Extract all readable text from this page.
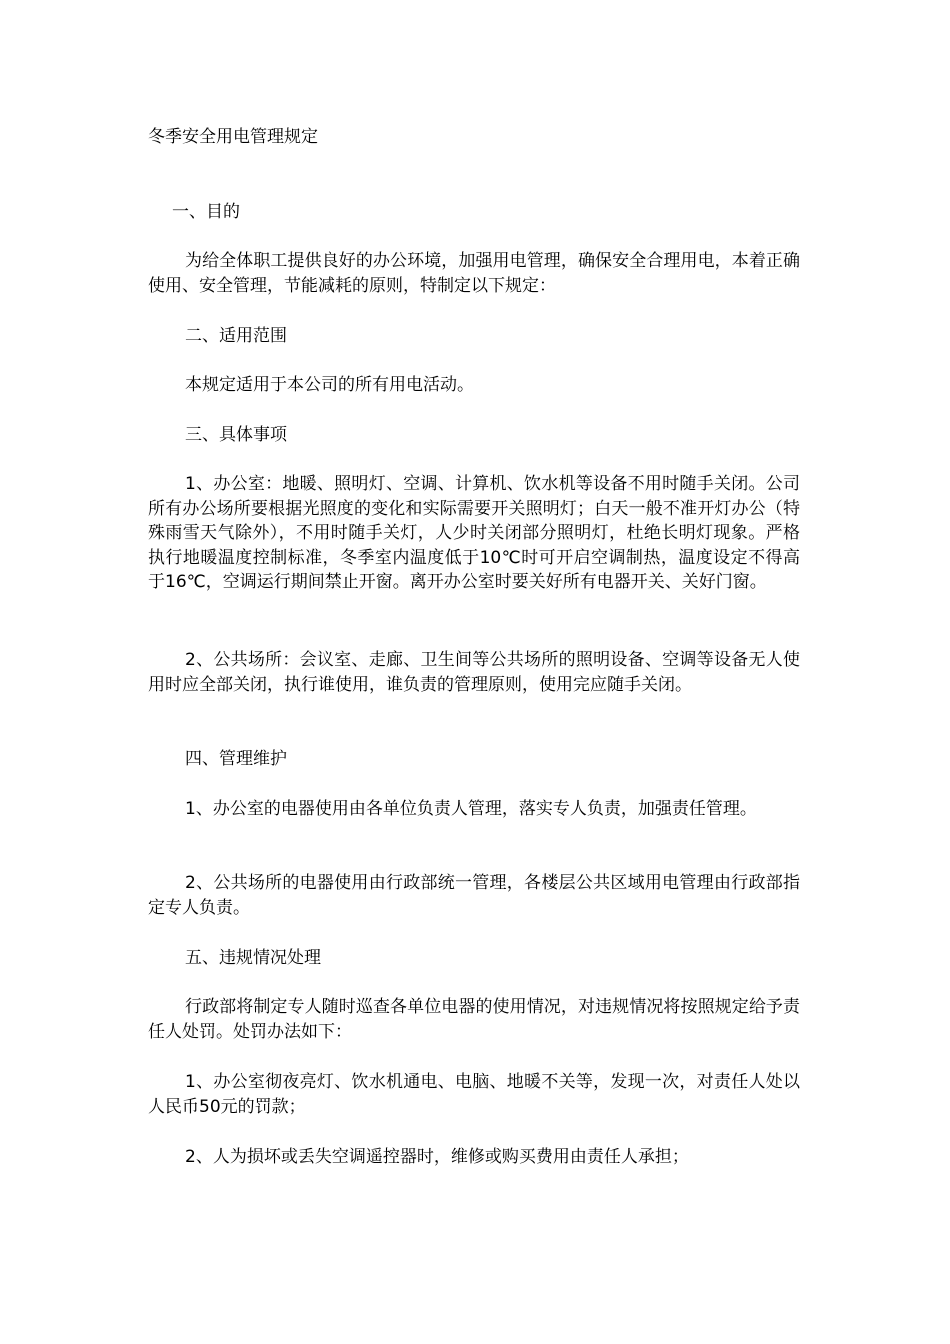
冬季安全用电管理规定
一、目的
为给全体职工提供良好的办公环境，加强用电管理，确保安全合理用电，本着正确使用、安全管理，节能减耗的原则，特制定以下规定：
二、适用范围
本规定适用于本公司的所有用电活动。
三、具体事项
1、办公室：地暖、照明灯、空调、计算机、饮水机等设备不用时随手关闭。公司所有办公场所要根据光照度的变化和实际需要开关照明灯；白天一般不准开灯办公（特殊雨雪天气除外），不用时随手关灯，人少时关闭部分照明灯，杜绝长明灯现象。严格执行地暖温度控制标准，冬季室内温度低于10℃时可开启空调制热，温度设定不得高于16℃，空调运行期间禁止开窗。离开办公室时要关好所有电器开关、关好门窗。
2、公共场所：会议室、走廊、卫生间等公共场所的照明设备、空调等设备无人使用时应全部关闭，执行谁使用，谁负责的管理原则，使用完应随手关闭。
四、管理维护
1、办公室的电器使用由各单位负责人管理，落实专人负责，加强责任管理。
2、公共场所的电器使用由行政部统一管理，各楼层公共区域用电管理由行政部指定专人负责。
五、违规情况处理
行政部将制定专人随时巡查各单位电器的使用情况，对违规情况将按照规定给予责任人处罚。处罚办法如下：
1、办公室彻夜亮灯、饮水机通电、电脑、地暖不关等，发现一次，对责任人处以人民币50元的罚款；
2、人为损坏或丢失空调遥控器时，维修或购买费用由责任人承担；
